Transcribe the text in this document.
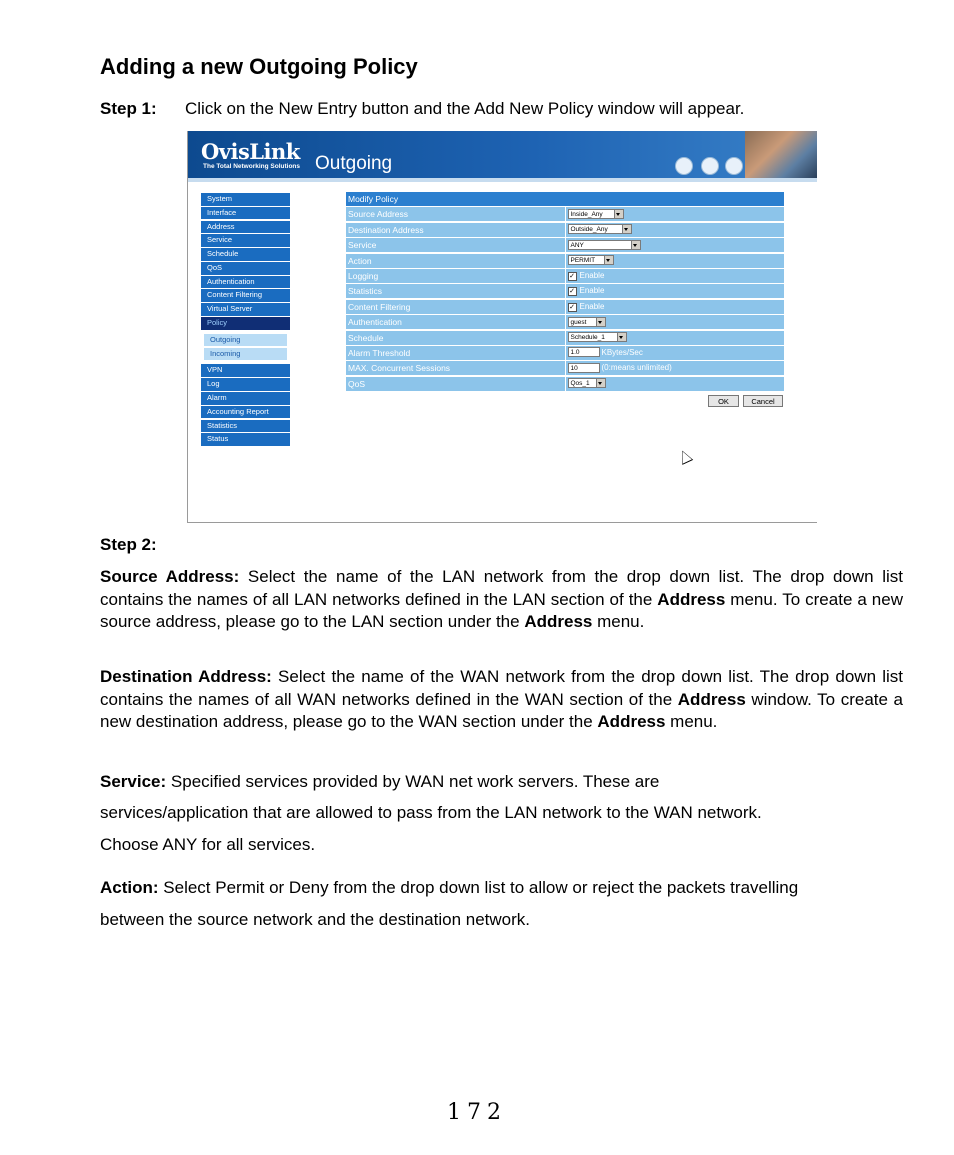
Adding a new Outgoing Policy
Step 1: Click on the New Entry button and the Add New Policy window will appear.
OvisLink
The Total Networking Solutions Outgoing
System
Interface
Address
Service
Schedule
QoS
Authentication
Content Filtering
Virtual Server
Policy
Outgoing
Incoming
VPN
Log
Alarm
Accounting Report
Statistics
Status
Modify Policy
Source Address	Inside_Any
Destination Address	Outside_Any
Service	ANY
Action	PERMIT
Logging	✓ Enable
Statistics	✓ Enable
Content Filtering	✓ Enable
Authentication	guest
Schedule	Schedule_1
Alarm Threshold	1.0	KBytes/Sec
MAX. Concurrent Sessions	10	(0:means unlimited)
QoS	Qos_1
OK	Cancel
Step 2:
Source Address: Select the name of the LAN network from the drop down list. The drop down list contains the names of all LAN networks defined in the LAN section of the Address menu. To create a new source address, please go to the LAN section under the Address menu.
Destination Address: Select the name of the WAN network from the drop down list. The drop down list contains the names of all WAN networks defined in the WAN section of the Address window. To create a new destination address, please go to the WAN section under the Address menu.
Service: Specified services provided by WAN net work servers. These are
services/application that are allowed to pass from the LAN network to the WAN network.
Choose ANY for all services.
Action: Select Permit or Deny from the drop down list to allow or reject the packets travelling
between the source network and the destination network.
172
